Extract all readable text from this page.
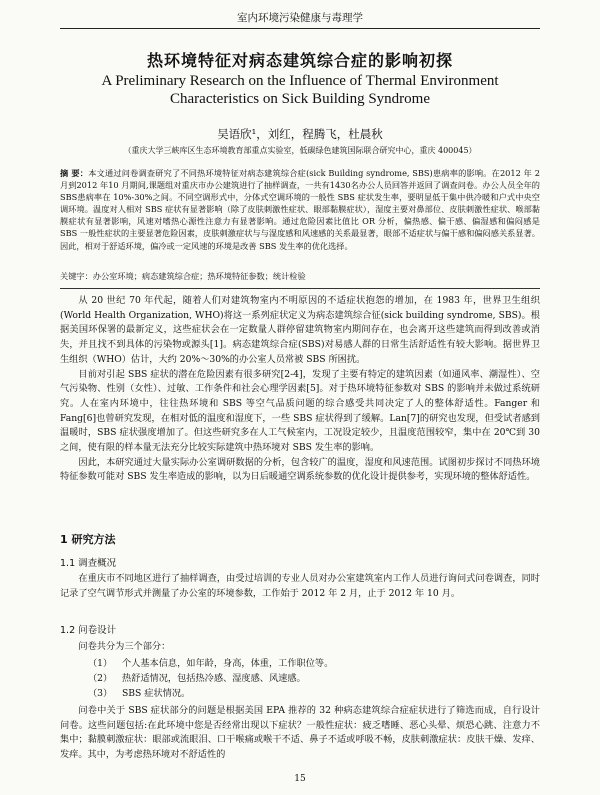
室内环境污染健康与毒理学
热环境特征对病态建筑综合症的影响初探
A Preliminary Research on the Influence of Thermal Environment Characteristics on Sick Building Syndrome
吴语欣¹，刘红，程腾飞，杜晨秋
（重庆大学三峡库区生态环境教育部重点实验室，低碳绿色建筑国际联合研究中心，重庆 400045）
摘 要：本文通过问卷调查研究了不同热环境特征对病态建筑综合症(sick Building syndrome, SBS)患病率的影响。在2012 年 2 月到2012 年10 月期间,课题组对重庆市办公建筑进行了抽样调查，一共有1430名办公人员回答并返回了调查问卷。办公人员全年的SBS患病率在 10%-30%之间。不同空调形式中，分体式空调环境的一般性 SBS 症状发生率，要明显低于集中供冷暖和户式中央空调环境。温度对人相对 SBS 症状有显著影响（除了皮肤刺激性症状、眼部黏膜症状），湿度主要对鼻部位、皮肤刺激性症状、喉部黏膜症状有显著影响，风速对嗜热心源性注意力有显著影响。通过危险因素比值比 OR 分析，偏热感、偏干感、偏湿感和偏闷感是 SBS 一般性症状的主要显著危险因素，皮肤刺激症状与与湿度感和风速感的关系最显著，眼部不适症状与偏干感和偏闷感关系显著。因此，相对于舒适环境，偏冷或一定风速的环境是改善 SBS 发生率的优化选择。
关键字：办公室环境；病态建筑综合症；热环境特征参数；统计检验

从 20 世纪 70 年代起，随着人们对建筑物室内不明原因的不适症状抱怨的增加，在 1983 年，世界卫生组织(World Health Organization, WHO)将这一系列症状定义为病态建筑综合征(sick building syndrome, SBS)。根据美国环保署的最新定义，这些症状会在一定数量人群停留建筑物室内期间存在，也会离开这些建筑而得到改善或消失，并且找不到具体的污染物或源头[1]。病态建筑综合症(SBS)对易感人群的日常生活舒适性有较大影响。据世界卫生组织（WHO）估计，大约 20%～30%的办公室人员常被 SBS 所困扰。

目前对引起 SBS 症状的潜在危险因素有很多研究[2-4]，发现了主要有特定的建筑因素（如通风率、潮湿性）、空气污染物、性别（女性）、过敏、工作条件和社会心理学因素[5]。对于热环境特征参数对 SBS 的影响并未做过系统研究。人在室内环境中，往往热环境和 SBS 等空气品质问题的综合感受共同决定了人的整体舒适性。Fanger 和 Fang[6]也曾研究发现，在相对低的温度和湿度下，一些 SBS 症状得到了缓解。Lan[7]的研究也发现，但受试者感到温暖时，SBS 症状强度增加了。但这些研究多在人工气候室内，工况设定较少，且温度范围较窄，集中在 20℃到 30 之间，使有限的样本量无法充分比较实际建筑中热环境对 SBS 发生率的影响。

因此，本研究通过大量实际办公室调研数据的分析，包含较广的温度，湿度和风速范围。试图初步探讨不同热环境特征参数可能对 SBS 发生率造成的影响，以为日后暖通空调系统参数的优化设计提供参考，实现环境的整体舒适性。

1 研究方法
1.1 调查概况

在重庆市不同地区进行了抽样调查，由受过培训的专业人员对办公室建筑室内工作人员进行询问式问卷调查，同时记录了空气调节形式并测量了办公室的环境参数，工作始于 2012 年 2 月，止于 2012 年 10 月。

1.2 问卷设计

问卷共分为三个部分：

（1） 个人基本信息，如年龄，身高，体重，工作职位等。
（2） 热舒适情况，包括热冷感、湿度感、风速感。
（3） SBS 症状情况。

问卷中关于 SBS 症状部分的问题是根据美国 EPA 推荐的 32 种病态建筑综合症症状进行了筛选而成，自行设计问卷。这些问题包括:在此环境中您是否经常出现以下症状？一般性症状：疲乏嗜睡、恶心头晕、烦恐心跳、注意力不集中；黏膜刺激症状：眼部或流眼泪、口干喉痛或喉干不适、鼻子不适或呼吸不畅，皮肤刺激症状：皮肤干燥、发痒、发痒。其中，为考虑热环境对不舒适性的

15
